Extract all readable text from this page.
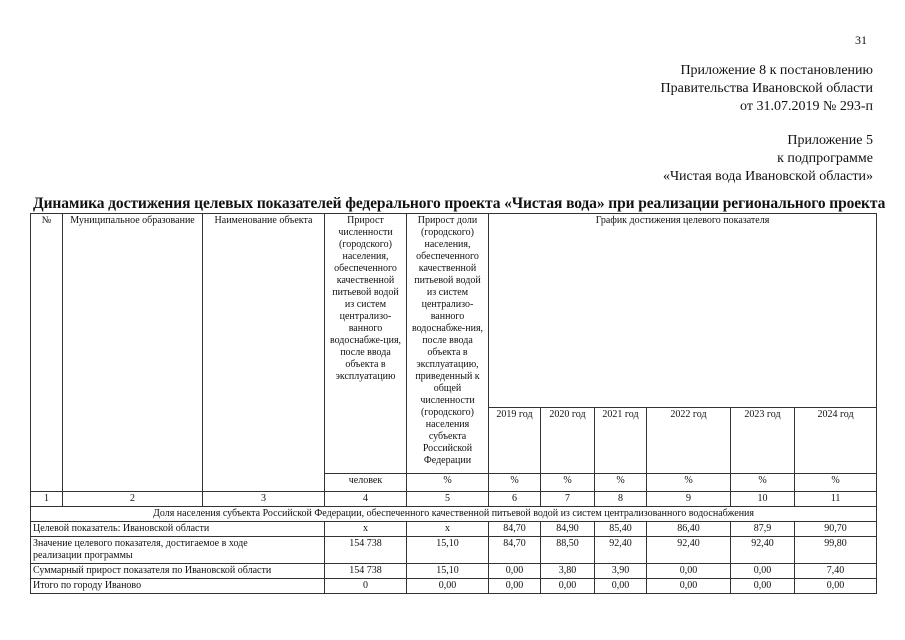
31
Приложение 8 к постановлению
Правительства Ивановской области
от 31.07.2019 № 293-п
Приложение 5
к подпрограмме
«Чистая вода Ивановской области»
Динамика достижения целевых показателей федерального проекта «Чистая вода» при реализации регионального проекта
№	Муниципальное образование	Наименование объекта	Прирост численности (городского) населения, обеспеченного качественной питьевой водой из систем централизо-ванного водоснабже-ция, после ввода объекта в эксплуатацию	Прирост доли (городского) населения, обеспеченного качественной питьевой водой из систем централизо-ванного водоснабже-ния, после ввода объекта в эксплуатацию, приведенный к общей численности (городского) населения субъекта Российской Федерации	График достижения целевого показателя					
					2019 год	2020 год	2021 год	2022 год	2023 год	2024 год
			человек	%	%	%	%	%	%	%
1	2	3	4	5	6	7	8	9	10	11
Доля населения субъекта Российской Федерации, обеспеченного качественной питьевой водой из систем централизованного водоснабжения										
Целевой показатель: Ивановской области			х	х	84,70	84,90	85,40	86,40	87,9	90,70

Значение целевого показателя, достигаемое в ходе реализации программы			154 738	15,10	84,70	88,50	92,40	92,40	92,40	99,80
Суммарный прирост показателя по Ивановской области			154 738	15,10	0,00	3,80	3,90	0,00	0,00	7,40
Итого по городу Иваново			0	0,00	0,00	0,00	0,00	0,00	0,00	0,00
